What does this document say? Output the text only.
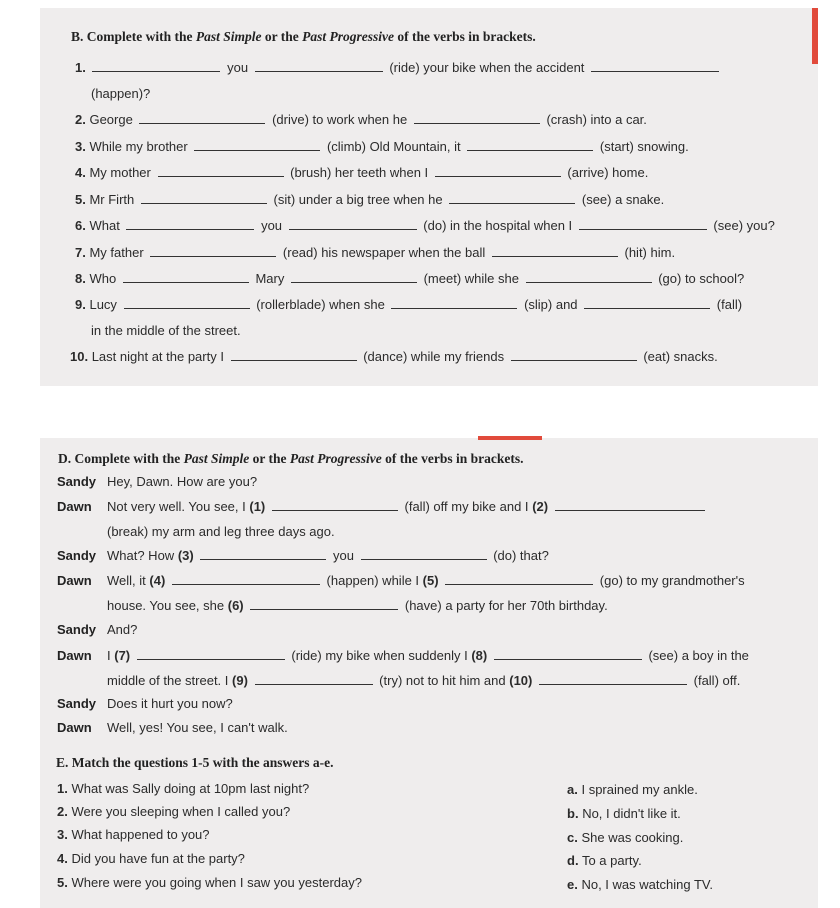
B. Complete with the Past Simple or the Past Progressive of the verbs in brackets.
1.	you	(ride) your bike when the accident
(happen)?
2. George	(drive) to work when he	(crash) into a car.
3. While my brother	(climb) Old Mountain, it	(start) snowing.
4. My mother	(brush) her teeth when I	(arrive) home.
5. Mr Firth	(sit) under a big tree when he	(see) a snake.
6. What	you	(do) in the hospital when I	(see) you?
7. My father	(read) his newspaper when the ball	(hit) him.
8. Who	Mary	(meet) while she	(go) to school?
9. Lucy	(rollerblade) when she	(slip) and	(fall)
in the middle of the street.
10. Last night at the party I	(dance) while my friends	(eat) snacks.
D. Complete with the Past Simple or the Past Progressive of the verbs in brackets.
Sandy Hey, Dawn. How are you?
Dawn Not very well. You see, I (1)	(fall) off my bike and I (2)
(break) my arm and leg three days ago.
Sandy What? How (3)	you	(do) that?
Dawn Well, it (4)	(happen) while I (5)	(go) to my grandmother's
house. You see, she (6)	(have) a party for her 70th birthday.
Sandy And?
Dawn I (7)	(ride) my bike when suddenly I (8)	(see) a boy in the
middle of the street. I (9)	(try) not to hit him and (10)	(fall) off.
Sandy Does it hurt you now?
Dawn Well, yes! You see, I can't walk.
E. Match the questions 1-5 with the answers a-e.
1. What was Sally doing at 10pm last night?
2. Were you sleeping when I called you?
3. What happened to you?
4. Did you have fun at the party?
5. Where were you going when I saw you yesterday?
a. I sprained my ankle.
b. No, I didn't like it.
c. She was cooking.
d. To a party.
e. No, I was watching TV.
